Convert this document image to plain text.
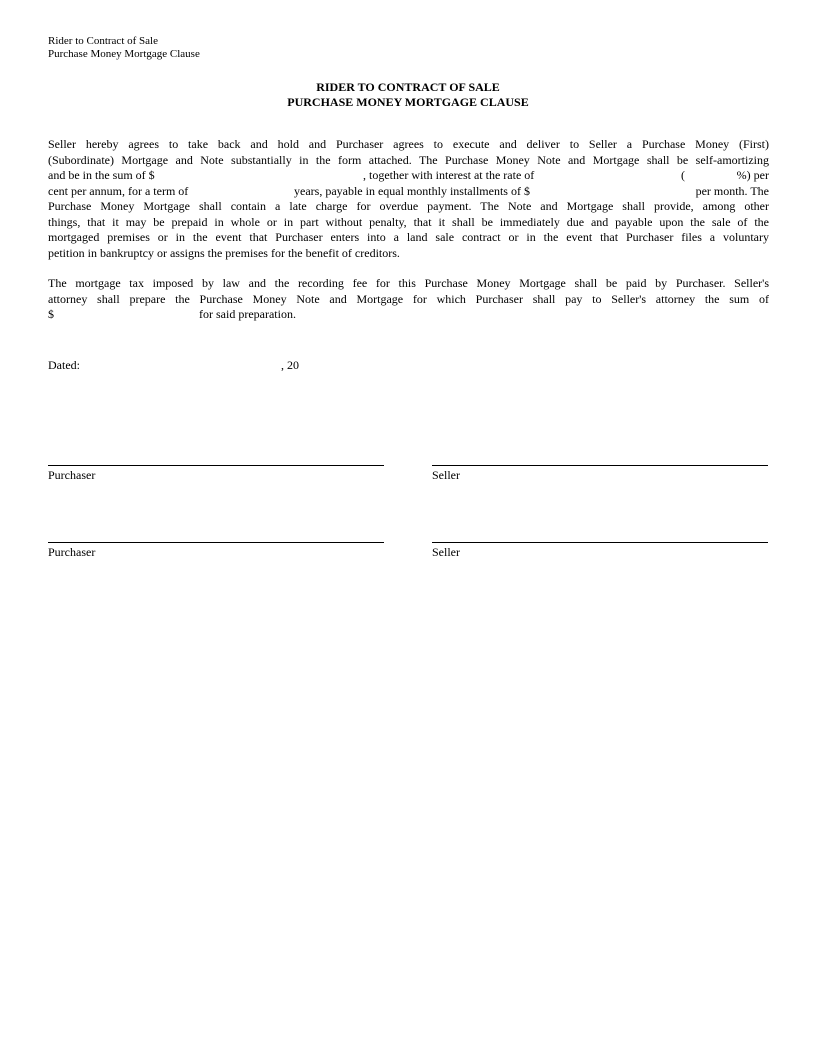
Rider to Contract of Sale
Purchase Money Mortgage Clause
RIDER TO CONTRACT OF SALE
PURCHASE MONEY MORTGAGE CLAUSE
Seller hereby agrees to take back and hold and Purchaser agrees to execute and deliver to Seller a Purchase Money (First)
(Subordinate) Mortgage and Note substantially in the form attached. The Purchase Money Note and Mortgage shall be self-amortizing
and be in the sum of $	, together with interest at the rate of	(	%) per
cent per annum, for a term of	years, payable in equal monthly installments of $	per month. The
Purchase Money Mortgage shall contain a late charge for overdue payment. The Note and Mortgage shall provide, among other
things, that it may be prepaid in whole or in part without penalty, that it shall be immediately due and payable upon the sale of the
mortgaged premises or in the event that Purchaser enters into a land sale contract or in the event that Purchaser files a voluntary
petition in bankruptcy or assigns the premises for the benefit of creditors.
The mortgage tax imposed by law and the recording fee for this Purchase Money Mortgage shall be paid by Purchaser. Seller's
attorney shall prepare the Purchase Money Note and Mortgage for which Purchaser shall pay to Seller's attorney the sum of
$	for said preparation.
Dated:	, 20
Purchaser	Seller
Purchaser	Seller
